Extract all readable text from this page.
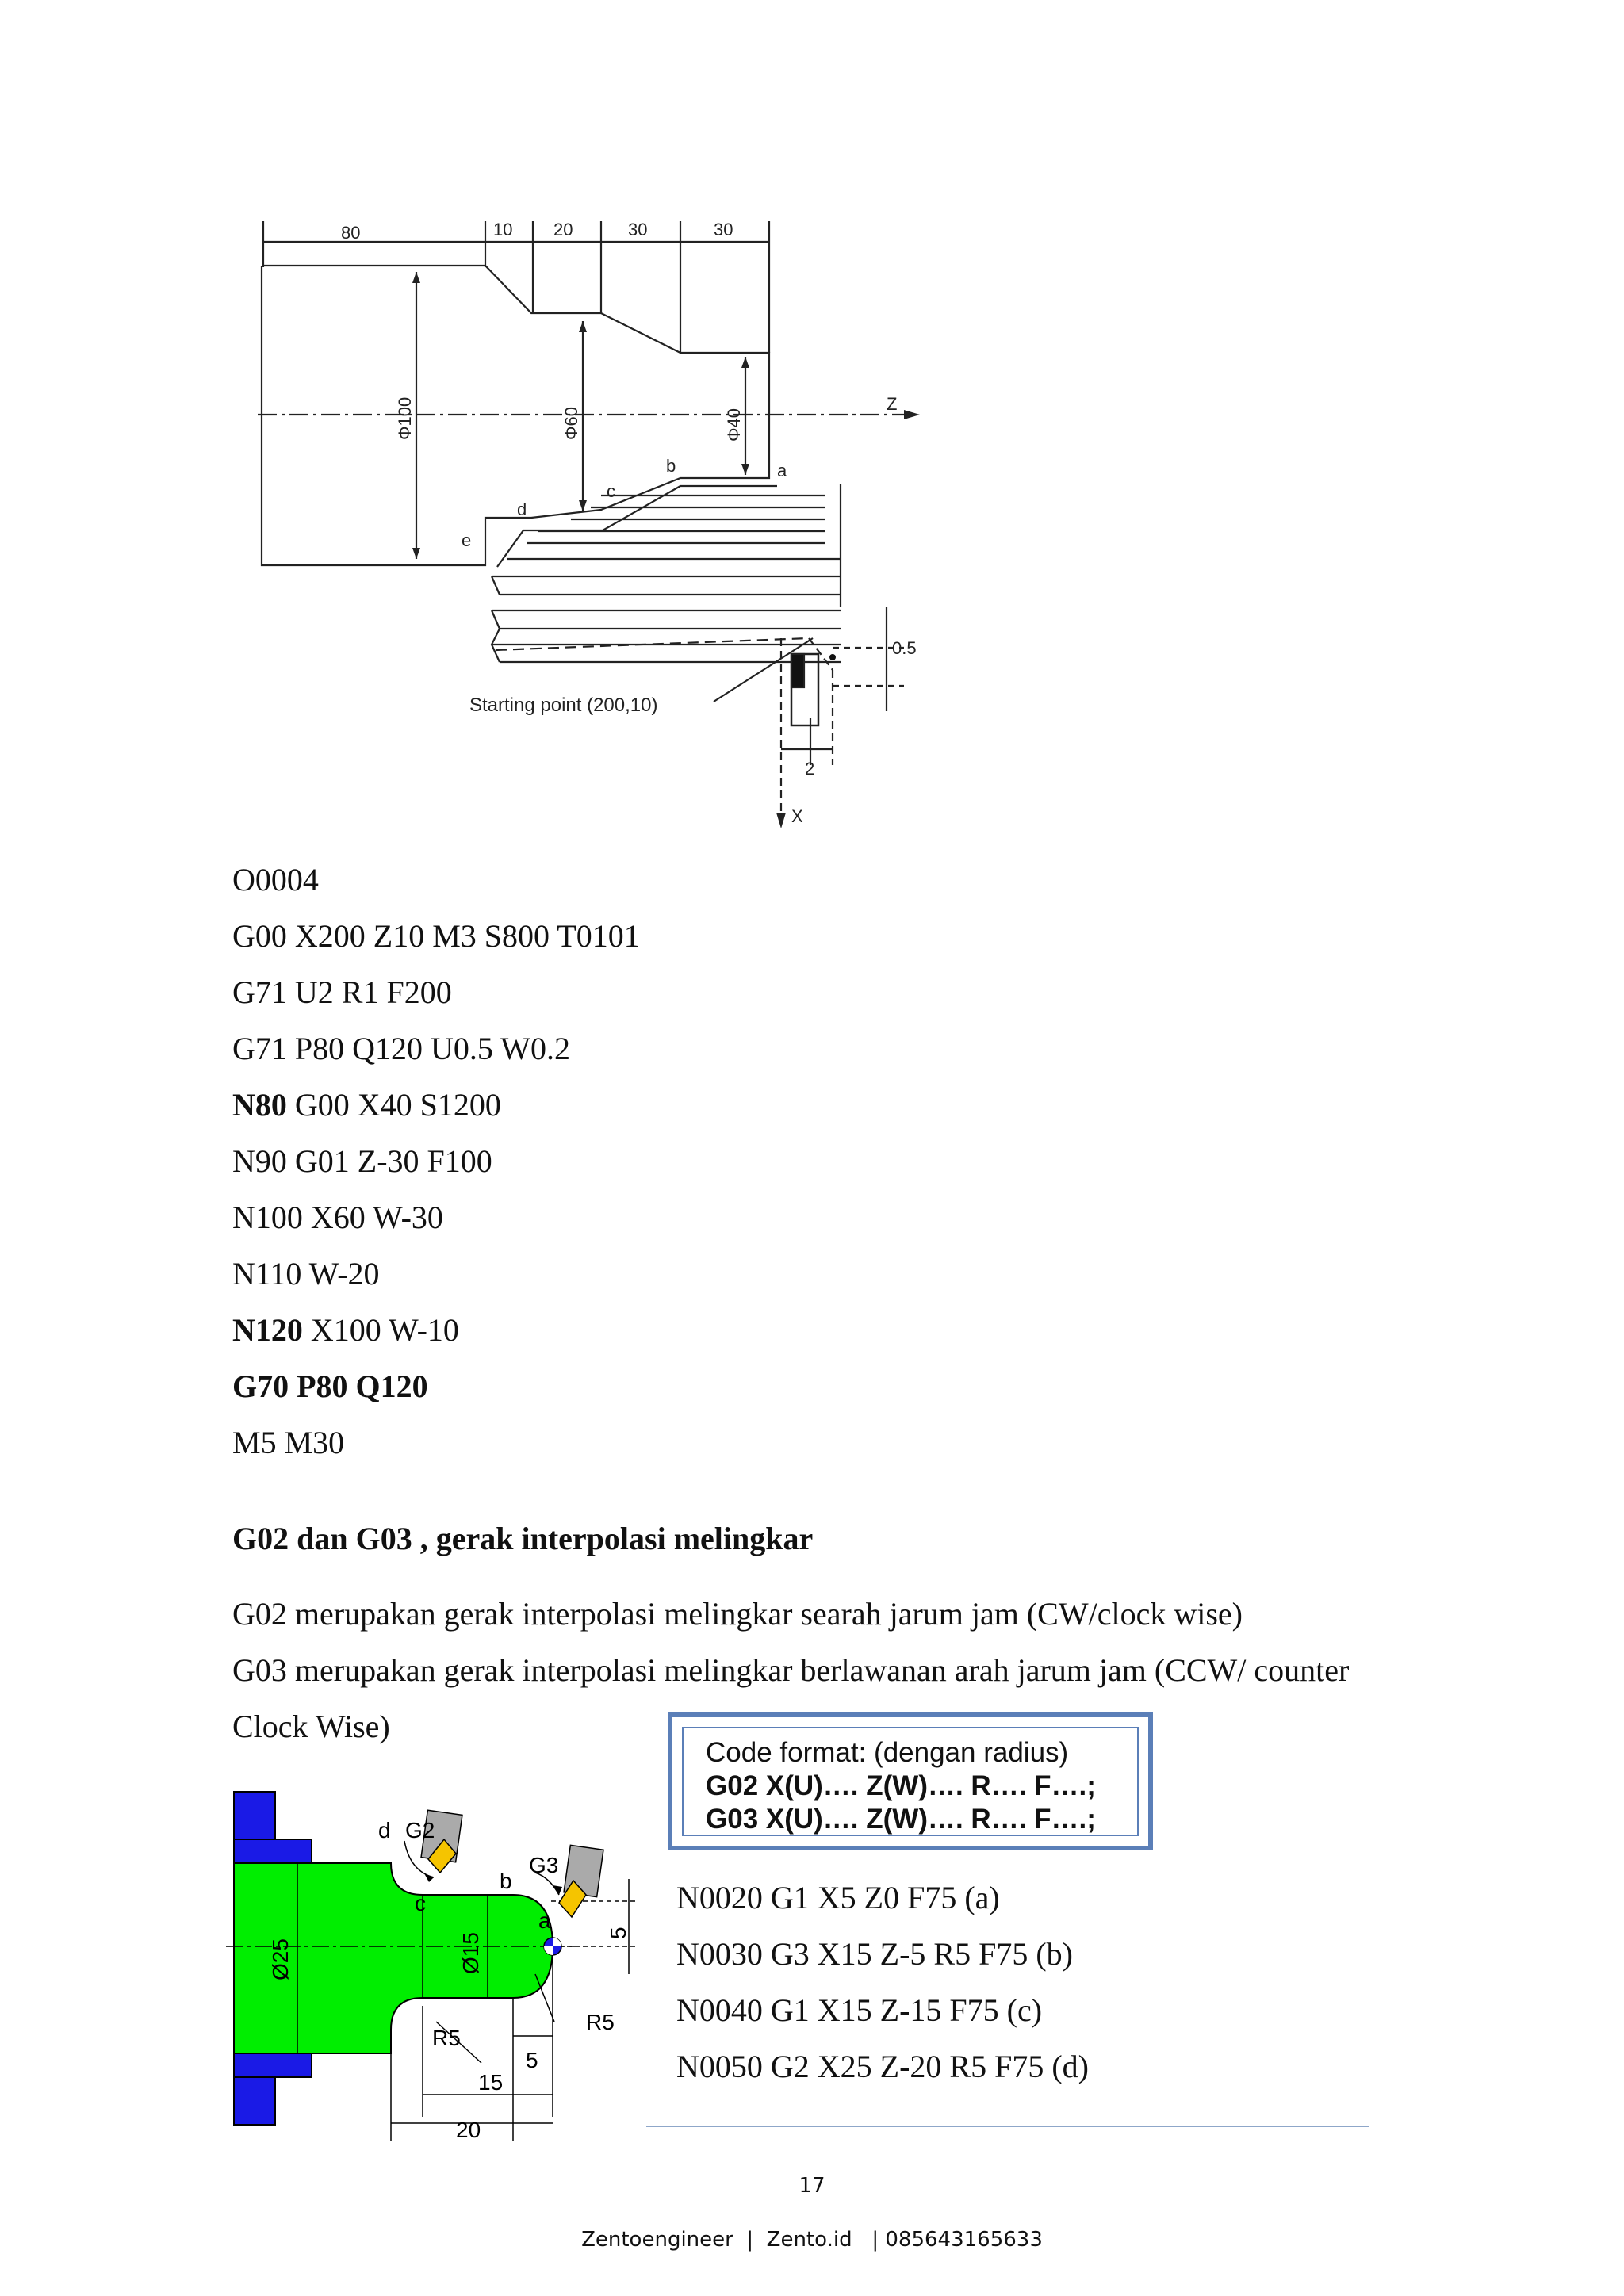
80	10 20	30	30
Φ100	Φ60	Φ40
Z
X
a
b
c
d
e
0.5
2
Starting point (200,10)
O0004
G00 X200 Z10 M3 S800 T0101
G71 U2 R1 F200
G71 P80 Q120 U0.5 W0.2
N80 G00 X40 S1200
N90 G01 Z-30 F100
N100 X60 W-30
N110 W-20
N120 X100 W-10
G70 P80 Q120
M5 M30
G02 dan G03 , gerak interpolasi melingkar
G02 merupakan gerak interpolasi melingkar searah jarum jam (CW/clock wise)
G03 merupakan gerak interpolasi melingkar berlawanan arah jarum jam (CCW/ counter
Clock Wise)
Code format: (dengan radius)
G02 X(U)…. Z(W)…. R…. F….;
G03 X(U)…. Z(W)…. R…. F….;
N0020 G1 X5 Z0 F75 (a)
N0030 G3 X15 Z-5 R5 F75 (b)
N0040 G1 X15 Z-15 F75 (c)
N0050 G2 X25 Z-20 R5 F75 (d)
Ø25	Ø15
R5
R5
G2
G3
a
b
c
d
5
5
15
20
17
Zentoengineer  |  Zento.id   | 085643165633
